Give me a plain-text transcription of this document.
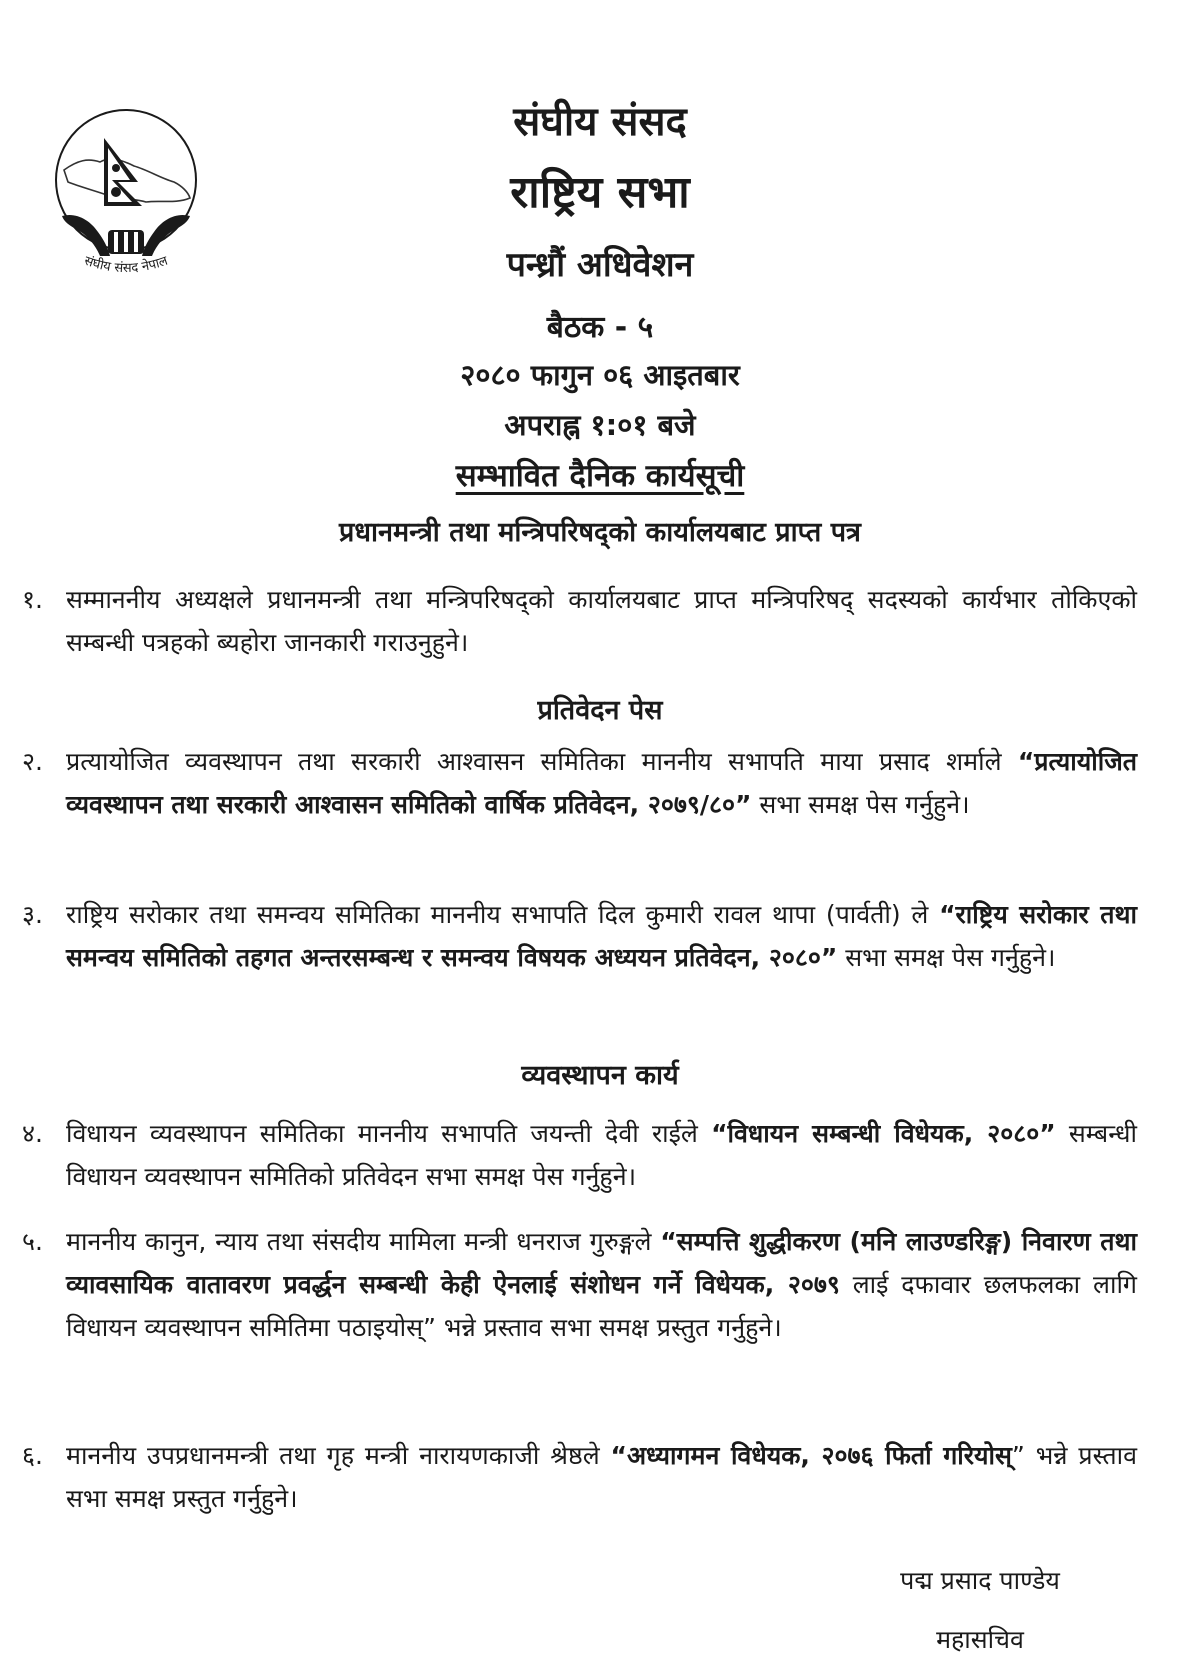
संघीय संसद नेपाल
संघीय संसद
राष्ट्रिय सभा
पन्ध्रौं अधिवेशन
बैठक - ५
२०८० फागुन ०६ आइतबार
अपराह्न १:०१ बजे
सम्भावित दैनिक कार्यसूची
प्रधानमन्त्री तथा मन्त्रिपरिषद्को कार्यालयबाट प्राप्त पत्र
१. सम्माननीय अध्यक्षले प्रधानमन्त्री तथा मन्त्रिपरिषद्को कार्यालयबाट प्राप्त मन्त्रिपरिषद् सदस्यको कार्यभार तोकिएको सम्बन्धी पत्रहको ब्यहोरा जानकारी गराउनुहुने।
प्रतिवेदन पेस
२. प्रत्यायोजित व्यवस्थापन तथा सरकारी आश्वासन समितिका माननीय सभापति माया प्रसाद शर्माले “प्रत्यायोजित व्यवस्थापन तथा सरकारी आश्वासन समितिको वार्षिक प्रतिवेदन, २०७९/८०” सभा समक्ष पेस गर्नुहुने।
३. राष्ट्रिय सरोकार तथा समन्वय समितिका माननीय सभापति दिल कुमारी रावल थापा (पार्वती) ले “राष्ट्रिय सरोकार तथा समन्वय समितिको तहगत अन्तरसम्बन्ध र समन्वय विषयक अध्ययन प्रतिवेदन, २०८०” सभा समक्ष पेस गर्नुहुने।
व्यवस्थापन कार्य
४. विधायन व्यवस्थापन समितिका माननीय सभापति जयन्ती देवी राईले “विधायन सम्बन्धी विधेयक, २०८०” सम्बन्धी विधायन व्यवस्थापन समितिको प्रतिवेदन सभा समक्ष पेस गर्नुहुने।
५. माननीय कानुन, न्याय तथा संसदीय मामिला मन्त्री धनराज गुरुङ्गले “सम्पत्ति शुद्धीकरण (मनि लाउण्डरिङ्ग) निवारण तथा व्यावसायिक वातावरण प्रवर्द्धन सम्बन्धी केही ऐनलाई संशोधन गर्ने विधेयक, २०७९ लाई दफावार छलफलका लागि विधायन व्यवस्थापन समितिमा पठाइयोस्” भन्ने प्रस्ताव सभा समक्ष प्रस्तुत गर्नुहुने।
६. माननीय उपप्रधानमन्त्री तथा गृह मन्त्री नारायणकाजी श्रेष्ठले “अध्यागमन विधेयक, २०७६ फिर्ता गरियोस्” भन्ने प्रस्ताव सभा समक्ष प्रस्तुत गर्नुहुने।
पद्म प्रसाद पाण्डेय
महासचिव
